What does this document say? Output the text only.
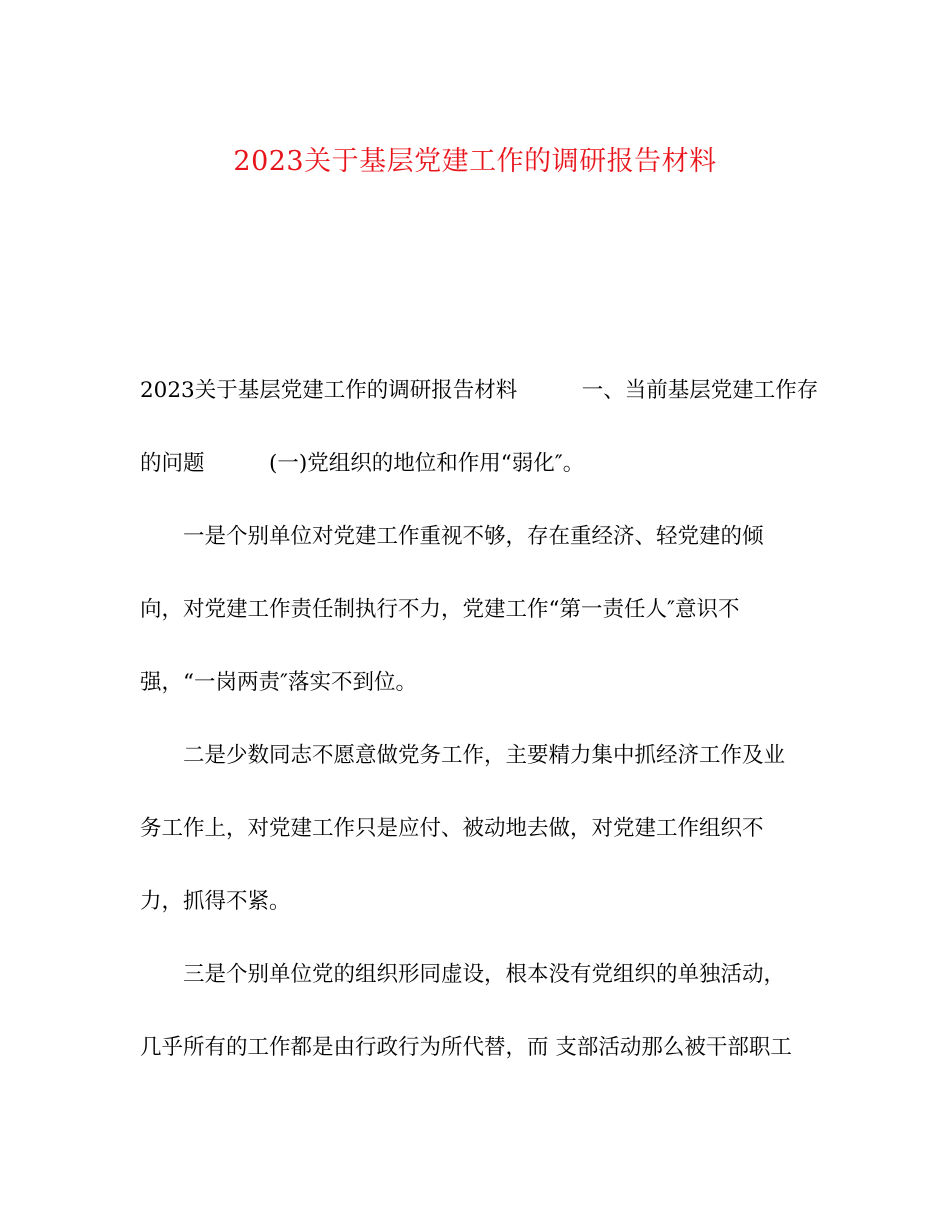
2023关于基层党建工作的调研报告材料
2023关于基层党建工作的调研报告材料　　　一、当前基层党建工作存
的问题　　　(一)党组织的地位和作用“弱化″。
一是个别单位对党建工作重视不够，存在重经济、轻党建的倾
向，对党建工作责任制执行不力，党建工作“第一责任人″意识不
强，“一岗两责″落实不到位。
二是少数同志不愿意做党务工作，主要精力集中抓经济工作及业
务工作上，对党建工作只是应付、被动地去做，对党建工作组织不
力，抓得不紧。
三是个别单位党的组织形同虚设，根本没有党组织的单独活动，
几乎所有的工作都是由行政行为所代替，而 支部活动那么被干部职工
